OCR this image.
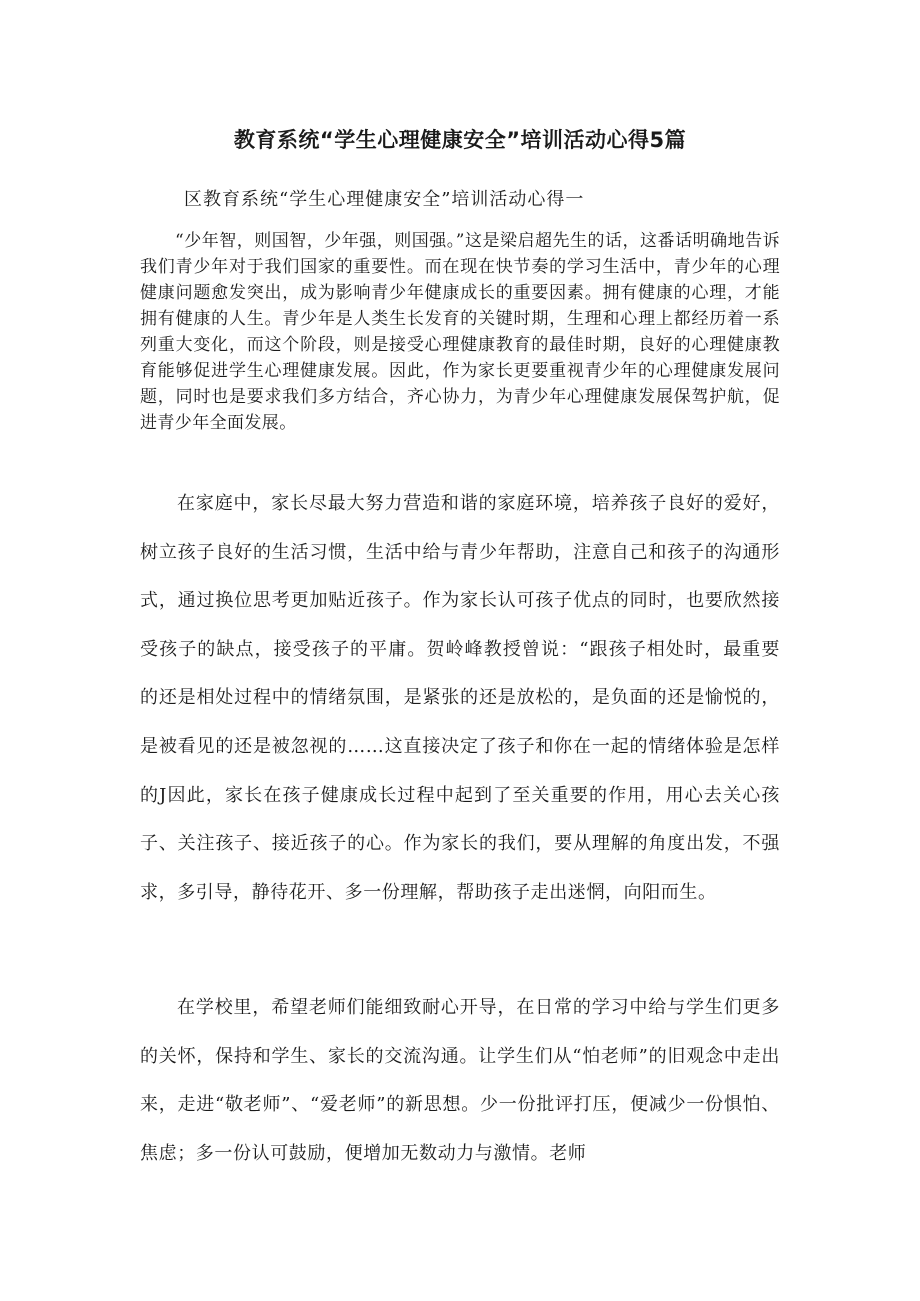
教育系统“学生心理健康安全”培训活动心得5篇

区教育系统“学生心理健康安全”培训活动心得一

“少年智，则国智，少年强，则国强。”这是梁启超先生的话，这番话明确地告诉我们青少年对于我们国家的重要性。而在现在快节奏的学习生活中，青少年的心理健康问题愈发突出，成为影响青少年健康成长的重要因素。拥有健康的心理，才能拥有健康的人生。青少年是人类生长发育的关键时期，生理和心理上都经历着一系列重大变化，而这个阶段，则是接受心理健康教育的最佳时期，良好的心理健康教育能够促进学生心理健康发展。因此，作为家长更要重视青少年的心理健康发展问题，同时也是要求我们多方结合，齐心协力，为青少年心理健康发展保驾护航，促进青少年全面发展。

在家庭中，家长尽最大努力营造和谐的家庭环境，培养孩子良好的爱好，树立孩子良好的生活习惯，生活中给与青少年帮助，注意自己和孩子的沟通形式，通过换位思考更加贴近孩子。作为家长认可孩子优点的同时，也要欣然接受孩子的缺点，接受孩子的平庸。贺岭峰教授曾说：“跟孩子相处时，最重要的还是相处过程中的情绪氛围，是紧张的还是放松的，是负面的还是愉悦的，是被看见的还是被忽视的……这直接决定了孩子和你在一起的情绪体验是怎样的J因此，家长在孩子健康成长过程中起到了至关重要的作用，用心去关心孩子、关注孩子、接近孩子的心。作为家长的我们，要从理解的角度出发，不强求，多引导，静待花开、多一份理解，帮助孩子走出迷惘，向阳而生。

在学校里，希望老师们能细致耐心开导，在日常的学习中给与学生们更多的关怀，保持和学生、家长的交流沟通。让学生们从“怕老师”的旧观念中走出来，走进“敬老师”、“爱老师”的新思想。少一份批评打压，便减少一份惧怕、焦虑；多一份认可鼓励，便增加无数动力与激情。老师
